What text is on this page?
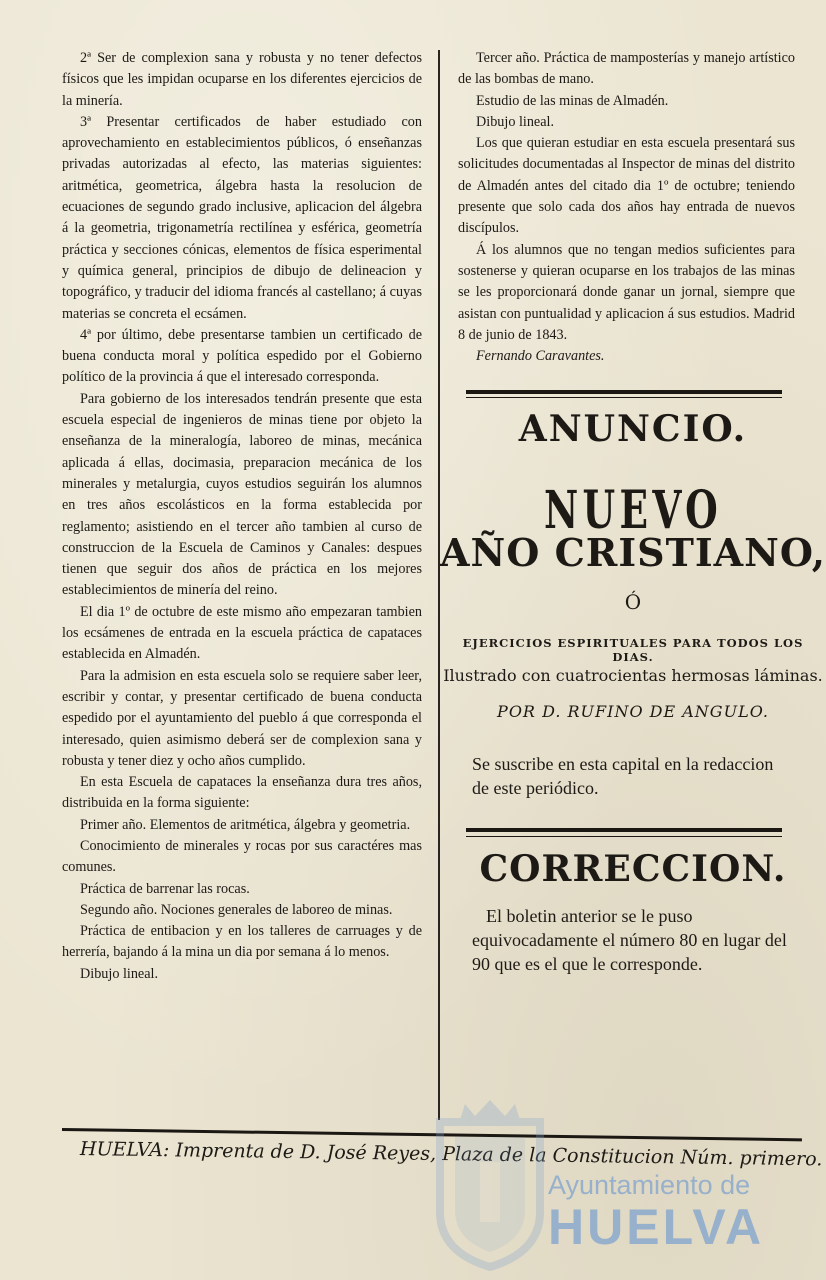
2ª Ser de complexion sana y robusta y no tener defectos físicos que les impidan ocuparse en los diferentes ejercicios de la minería.

3ª Presentar certificados de haber estudiado con aprovechamiento en establecimientos públicos, ó enseñanzas privadas autorizadas al efecto, las materias siguientes: aritmética, geometrica, álgebra hasta la resolucion de ecuaciones de segundo grado inclusive, aplicacion del álgebra á la geometria, trigonametría rectilínea y esférica, geometría práctica y secciones cónicas, elementos de física esperimental y química general, principios de dibujo de delineacion y topográfico, y traducir del idioma francés al castellano; á cuyas materias se concreta el ecsámen.

4ª por último, debe presentarse tambien un certificado de buena conducta moral y política espedido por el Gobierno político de la provincia á que el interesado corresponda.

Para gobierno de los interesados tendrán presente que esta escuela especial de ingenieros de minas tiene por objeto la enseñanza de la mineralogía, laboreo de minas, mecánica aplicada á ellas, docimasia, preparacion mecánica de los minerales y metalurgia, cuyos estudios seguirán los alumnos en tres años escolásticos en la forma establecida por reglamento; asistiendo en el tercer año tambien al curso de construccion de la Escuela de Caminos y Canales: despues tienen que seguir dos años de práctica en los mejores establecimientos de minería del reino.

El dia 1º de octubre de este mismo año empezaran tambien los ecsámenes de entrada en la escuela práctica de capataces establecida en Almadén.

Para la admision en esta escuela solo se requiere saber leer, escribir y contar, y presentar certificado de buena conducta espedido por el ayuntamiento del pueblo á que corresponda el interesado, quien asimismo deberá ser de complexion sana y robusta y tener diez y ocho años cumplido.

En esta Escuela de capataces la enseñanza dura tres años, distribuida en la forma siguiente:

Primer año. Elementos de aritmética, álgebra y geometria.

Conocimiento de minerales y rocas por sus caractéres mas comunes.

Práctica de barrenar las rocas.

Segundo año. Nociones generales de laboreo de minas.

Práctica de entibacion y en los talleres de carruages y de herrería, bajando á la mina un dia por semana á lo menos.

Dibujo lineal.

Tercer año. Práctica de mamposterías y manejo artístico de las bombas de mano.

Estudio de las minas de Almadén.

Dibujo lineal.

Los que quieran estudiar en esta escuela presentará sus solicitudes documentadas al Inspector de minas del distrito de Almadén antes del citado dia 1º de octubre; teniendo presente que solo cada dos años hay entrada de nuevos discípulos.

Á los alumnos que no tengan medios suficientes para sostenerse y quieran ocuparse en los trabajos de las minas se les proporcionará donde ganar un jornal, siempre que asistan con puntualidad y aplicacion á sus estudios. Madrid 8 de junio de 1843.

Fernando Caravantes.

ANUNCIO.
NUEVO
AÑO CRISTIANO,
Ó
EJERCICIOS ESPIRITUALES PARA TODOS LOS DIAS.
Ilustrado con cuatrocientas hermosas láminas.
POR D. RUFINO DE ANGULO.
Se suscribe en esta capital en la redaccion de este periódico.
CORRECCION.
El boletin anterior se le puso equivocadamente el número 80 en lugar del 90 que es el que le corresponde.
HUELVA: Imprenta de D. José Reyes, Plaza de la Constitucion Núm. primero.
Ayuntamiento de
HUELVA
